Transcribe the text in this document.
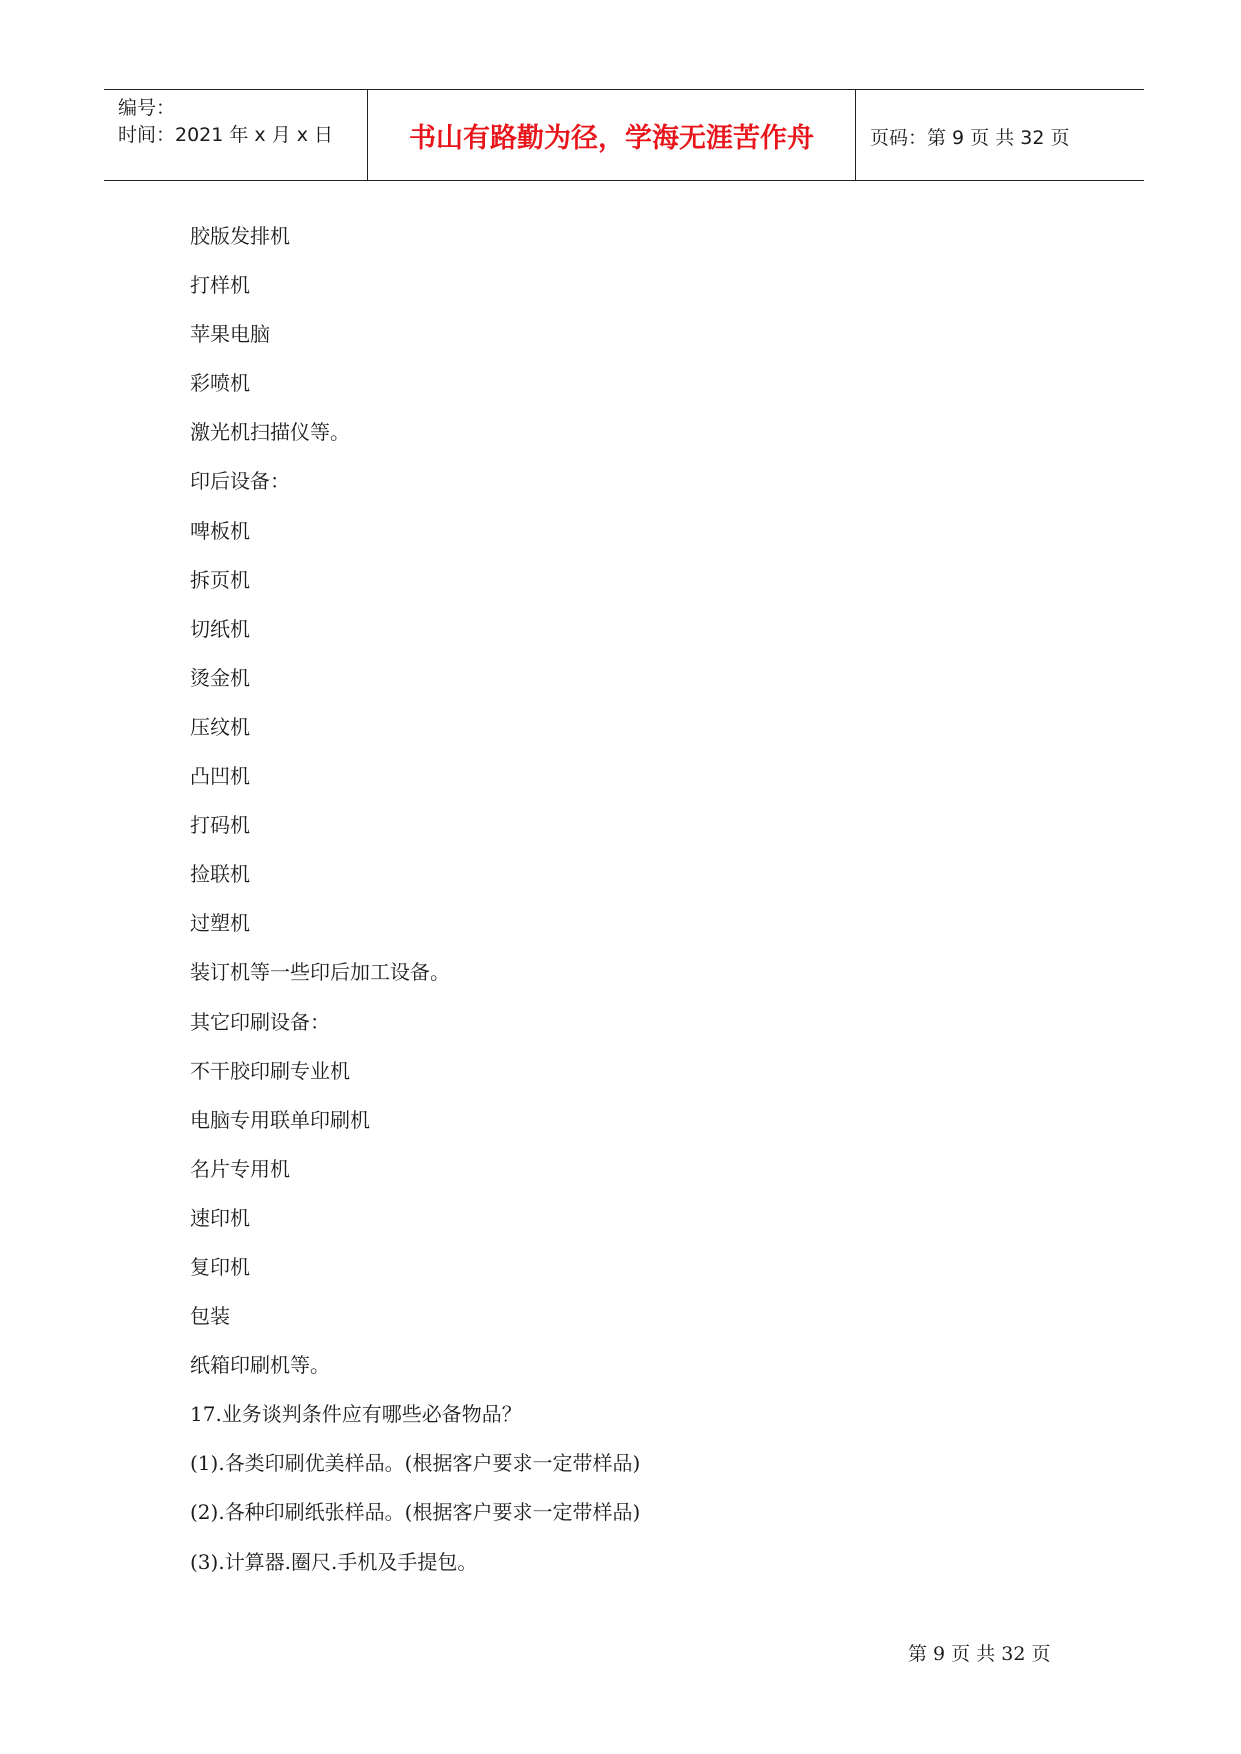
编号：
时间：2021 年 x 月 x 日	书山有路勤为径，学海无涯苦作舟	页码：第 9 页 共 32 页
胶版发排机
打样机
苹果电脑
彩喷机
激光机扫描仪等。
印后设备：
啤板机
拆页机
切纸机
烫金机
压纹机
凸凹机
打码机
捡联机
过塑机
装订机等一些印后加工设备。
其它印刷设备：
不干胶印刷专业机
电脑专用联单印刷机
名片专用机
速印机
复印机
包装
纸箱印刷机等。
17.业务谈判条件应有哪些必备物品？
(1).各类印刷优美样品。(根据客户要求一定带样品)
(2).各种印刷纸张样品。(根据客户要求一定带样品)
(3).计算器.圈尺.手机及手提包。
第 9 页 共 32 页
